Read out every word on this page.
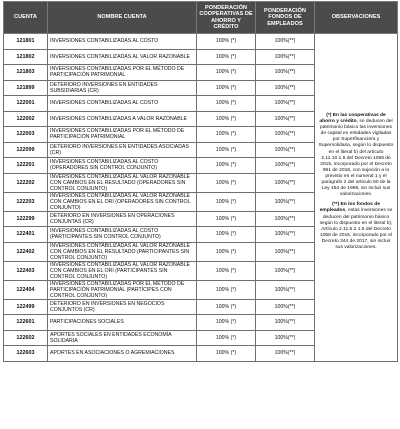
CUENTA	NOMBRE CUENTA	PONDERACIÓN COOPERATIVAS DE AHORRO Y CRÉDITO	PONDERACIÓN FONDOS DE EMPLEADOS	OBSERVACIONES
121801	INVERSIONES CONTABILIZADAS AL COSTO	100% (*)	100%(**)	(*) En las cooperativas de ahorro y crédito, se deducen del patrimonio básico las inversiones de capital en entidades vigiladas por Superfinanciera y Supersolidaria, según lo dispuesto en el literal b) del artículo 2.11.10.1.5 del Decreto 1068 de 2015, incorporado por el Decreto 961 de 2018, con sujeción a lo previsto en el numeral 1 y el parágrafo 2 del artículo 50 de la Ley 454 de 1998, sin incluir sus valorizaciones.

(**) En los fondos de empleados, estas inversiones se deducen del patrimonio básico según lo dispuesto en el literal b), Artículo 2.11.5.2.1.5 del Decreto 1068 de 2015, incorporado por el Decreto 344 de 2017, sin incluir sus valorizaciones.

121802	INVERSIONES CONTABILIZADAS AL VALOR RAZONABLE	100% (*)	100%(**)	
121803	INVERSIONES CONTABILIZADAS POR EL MÉTODO DE PARTICIPACIÓN PATRIMONIAL	100% (*)	100%(**)	
121899	DETERIORO INVERSIONES EN ENTIDADES SUBSIDIARIAS (CR)	100% (*)	100%(**)	
122001	INVERSIONES CONTABILIZADAS AL COSTO	100% (*)	100%(**)	
122002	INVERSIONES CONTABILIZADAS A VALOR RAZONABLE	100% (*)	100%(**)	
122003	INVERSIONES CONTABILIZADAS POR EL MÉTODO DE PARTICIPACIÓN PATRIMONIAL	100% (*)	100%(**)	
122099	DETERIORO INVERSIONES EN ENTIDADES ASOCIADAS (CR)	100% (*)	100%(**)	
122201	INVERSIONES CONTABILIZADAS AL COSTO (OPERADORES SIN CONTROL CONJUNTO)	100% (*)	100%(**)	
122202	INVERSIONES CONTABILIZADAS AL VALOR RAZONABLE CON CAMBIOS EN EL RESULTADO (OPERADORES SIN CONTROL CONJUNTO)	100% (*)	100%(**)	
122203	INVERSIONES CONTABILIZADAS AL VALOR RAZONABLE CON CAMBIOS EN EL ORI (OPERADORES SIN CONTROL CONJUNTO)	100% (*)	100%(**)	
122299	DETERIORO EN INVERSIONES EN OPERACIONES CONJUNTAS (CR)	100% (*)	100%(**)	
122401	INVERSIONES CONTABILIZADAS AL COSTO (PARTICIPANTES SIN CONTROL CONJUNTO)	100% (*)	100%(**)	
122402	INVERSIONES CONTABILIZADAS AL VALOR RAZONABLE CON CAMBIOS EN EL RESULTADO (PARTICIPANTES SIN CONTROL CONJUNTO)	100% (*)	100%(**)	
122403	INVERSIONES CONTABILIZADAS AL VALOR RAZONABLE CON CAMBIOS EN EL ORI (PARTICIPANTES SIN CONTROL CONJUNTO)	100% (*)	100%(**)	
122404	INVERSIONES CONTABILIZADAS POR EL MÉTODO DE PARTICIPACIÓN PATRIMONIAL (PARTÍCIPES CON CONTROL CONJUNTO)	100% (*)	100%(**)	
122499	DETERIORO EN INVERSIONES EN NEGOCIOS CONJUNTOS (CR)	100% (*)	100%(**)	
122601	PARTICIPACIONES SOCIALES	100% (*)	100%(**)	
122602	APORTES SOCIALES EN ENTIDADES ECONOMÍA SOLIDARIA	100% (*)	100%(**)	
122603	APORTES EN ASOCIACIONES O AGREMIACIONES	100% (*)	100%(**)	
